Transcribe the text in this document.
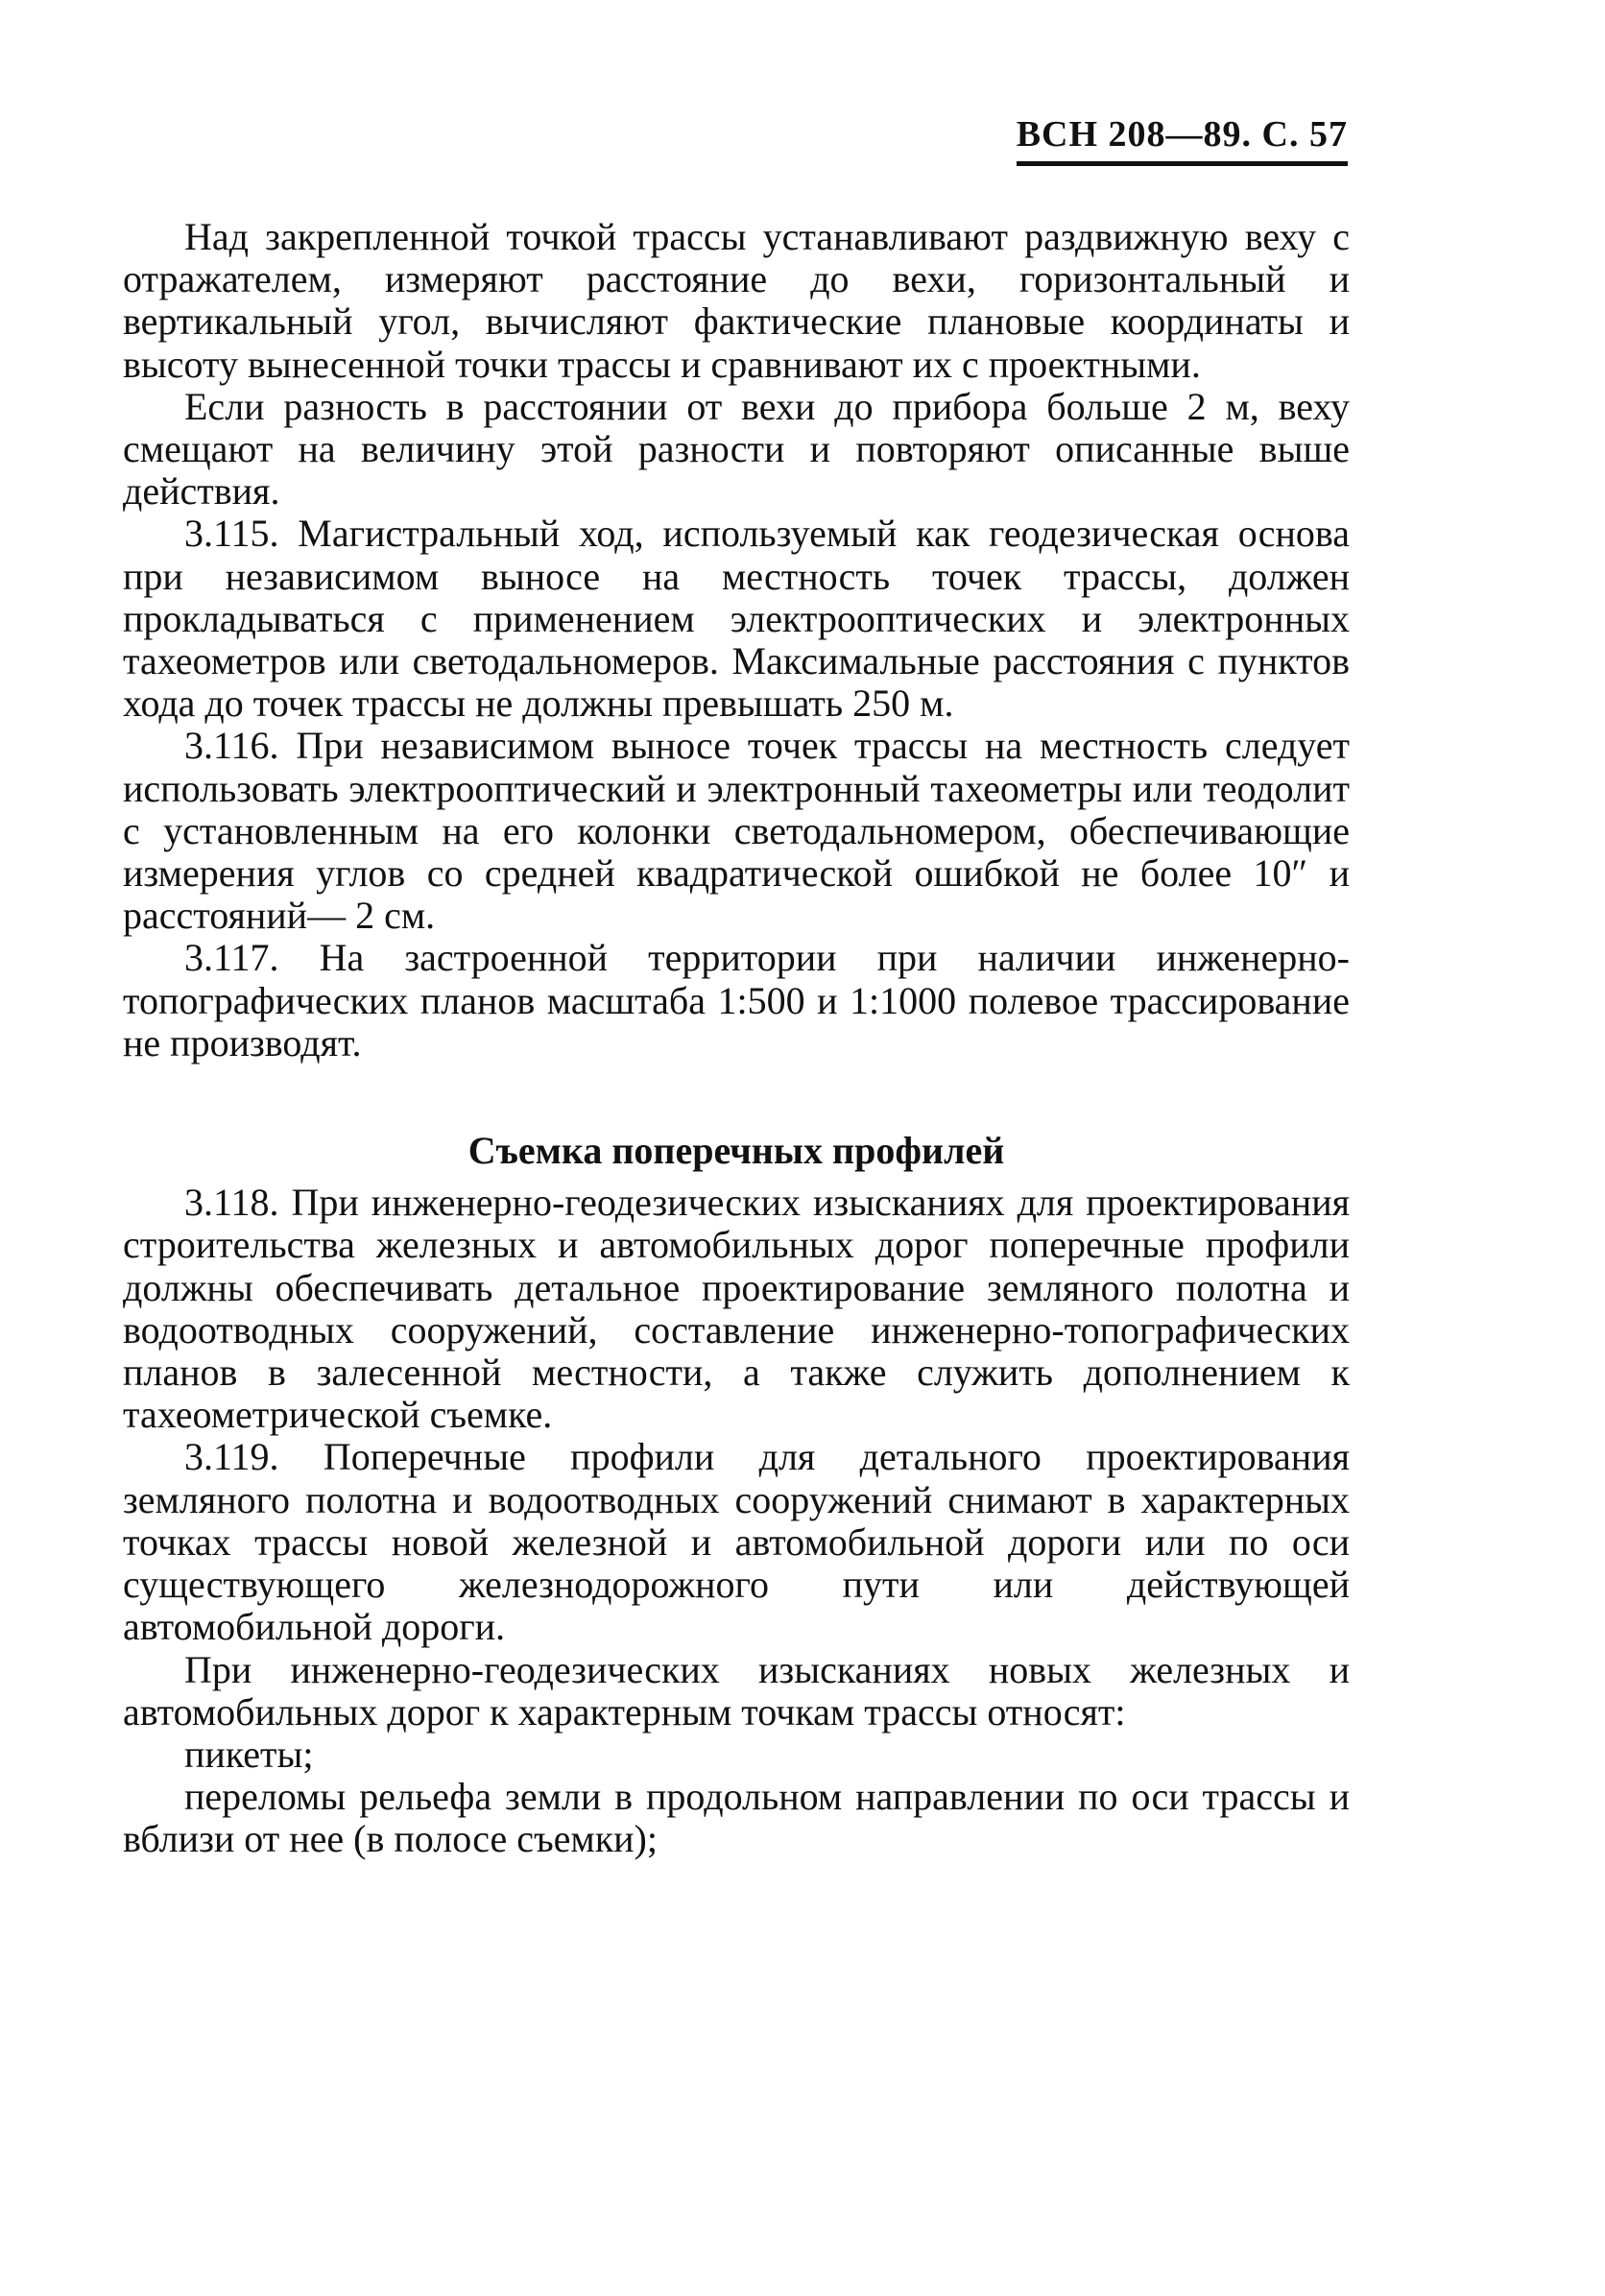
ВСН 208—89. С. 57

Над закрепленной точкой трассы устанавливают раздвижную веху с отражателем, измеряют расстояние до вехи, горизонтальный и вертикальный угол, вычисляют фактические плановые координаты и высоту вынесенной точки трассы и сравнивают их с проектными.

Если разность в расстоянии от вехи до прибора больше 2 м, веху смещают на величину этой разности и повторяют описанные выше действия.

3.115. Магистральный ход, используемый как геодезическая основа при независимом выносе на местность точек трассы, должен прокладываться с применением электрооптических и электронных тахеометров или светодальномеров. Максимальные расстояния с пунктов хода до точек трассы не должны превышать 250 м.

3.116. При независимом выносе точек трассы на местность следует использовать электрооптический и электронный тахеометры или теодолит с установленным на его колонки светодальномером, обеспечивающие измерения углов со средней квадратической ошибкой не более 10″ и расстояний— 2 см.

3.117. На застроенной территории при наличии инженерно-топографических планов масштаба 1:500 и 1:1000 полевое трассирование не производят.

Съемка поперечных профилей

3.118. При инженерно-геодезических изысканиях для проектирования строительства железных и автомобильных дорог поперечные профили должны обеспечивать детальное проектирование земляного полотна и водоотводных сооружений, составление инженерно-топографических планов в залесенной местности, а также служить дополнением к тахеометрической съемке.

3.119. Поперечные профили для детального проектирования земляного полотна и водоотводных сооружений снимают в характерных точках трассы новой железной и автомобильной дороги или по оси существующего железнодорожного пути или действующей автомобильной дороги.

При инженерно-геодезических изысканиях новых железных и автомобильных дорог к характерным точкам трассы относят:

пикеты;

переломы рельефа земли в продольном направлении по оси трассы и вблизи от нее (в полосе съемки);
